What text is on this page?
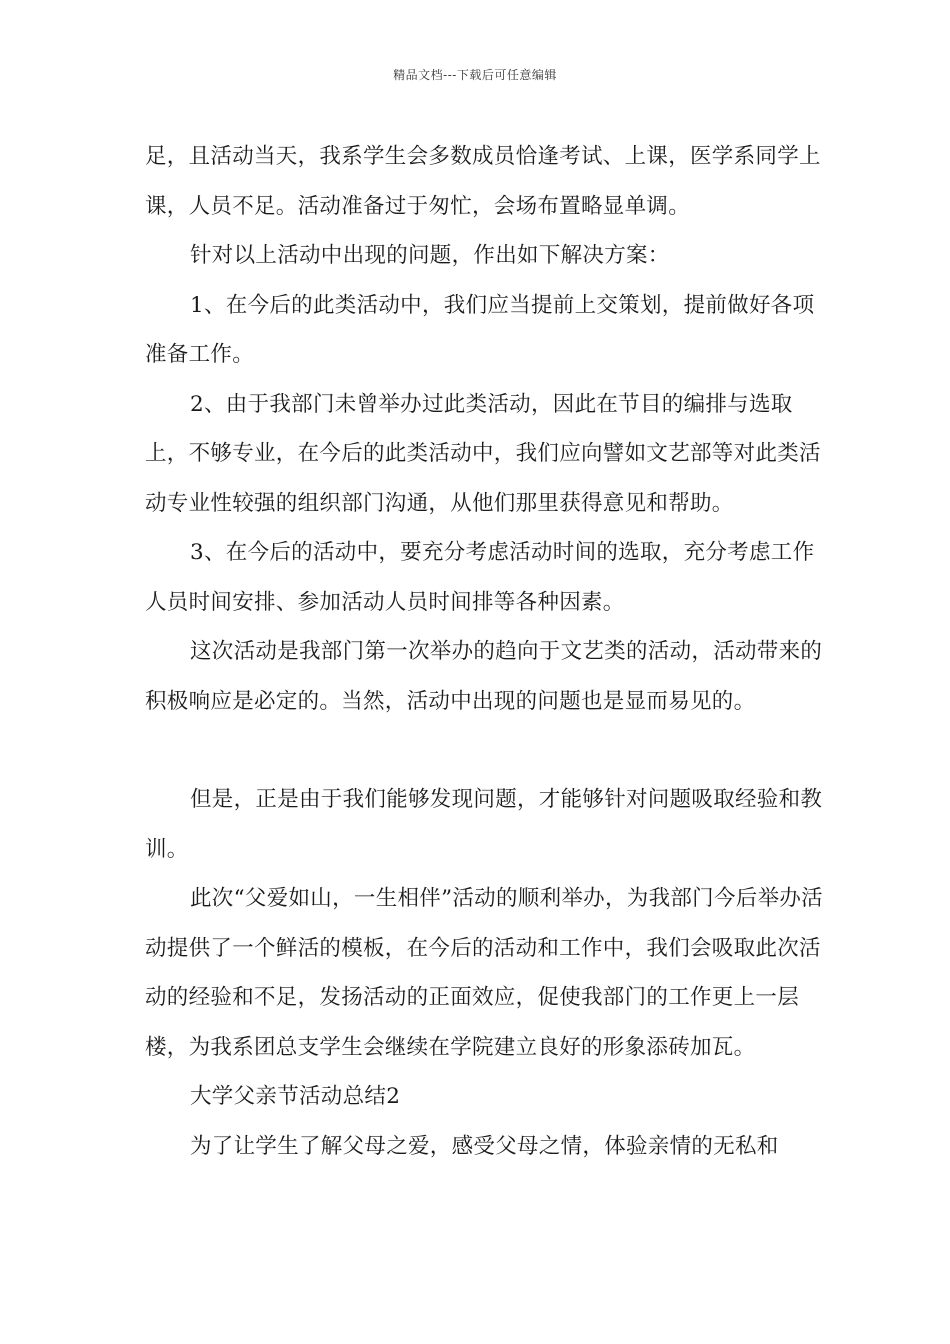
精品文档---下载后可任意编辑

足，且活动当天，我系学生会多数成员恰逢考试、上课，医学系同学上课，人员不足。活动准备过于匆忙，会场布置略显单调。

针对以上活动中出现的问题，作出如下解决方案：

1、在今后的此类活动中，我们应当提前上交策划，提前做好各项准备工作。

2、由于我部门未曾举办过此类活动，因此在节目的编排与选取上，不够专业，在今后的此类活动中，我们应向譬如文艺部等对此类活动专业性较强的组织部门沟通，从他们那里获得意见和帮助。

3、在今后的活动中，要充分考虑活动时间的选取，充分考虑工作人员时间安排、参加活动人员时间排等各种因素。

这次活动是我部门第一次举办的趋向于文艺类的活动，活动带来的积极响应是必定的。当然，活动中出现的问题也是显而易见的。

但是，正是由于我们能够发现问题，才能够针对问题吸取经验和教训。

此次“父爱如山，一生相伴”活动的顺利举办，为我部门今后举办活动提供了一个鲜活的模板，在今后的活动和工作中，我们会吸取此次活动的经验和不足，发扬活动的正面效应，促使我部门的工作更上一层楼，为我系团总支学生会继续在学院建立良好的形象添砖加瓦。

大学父亲节活动总结2

为了让学生了解父母之爱，感受父母之情，体验亲情的无私和
